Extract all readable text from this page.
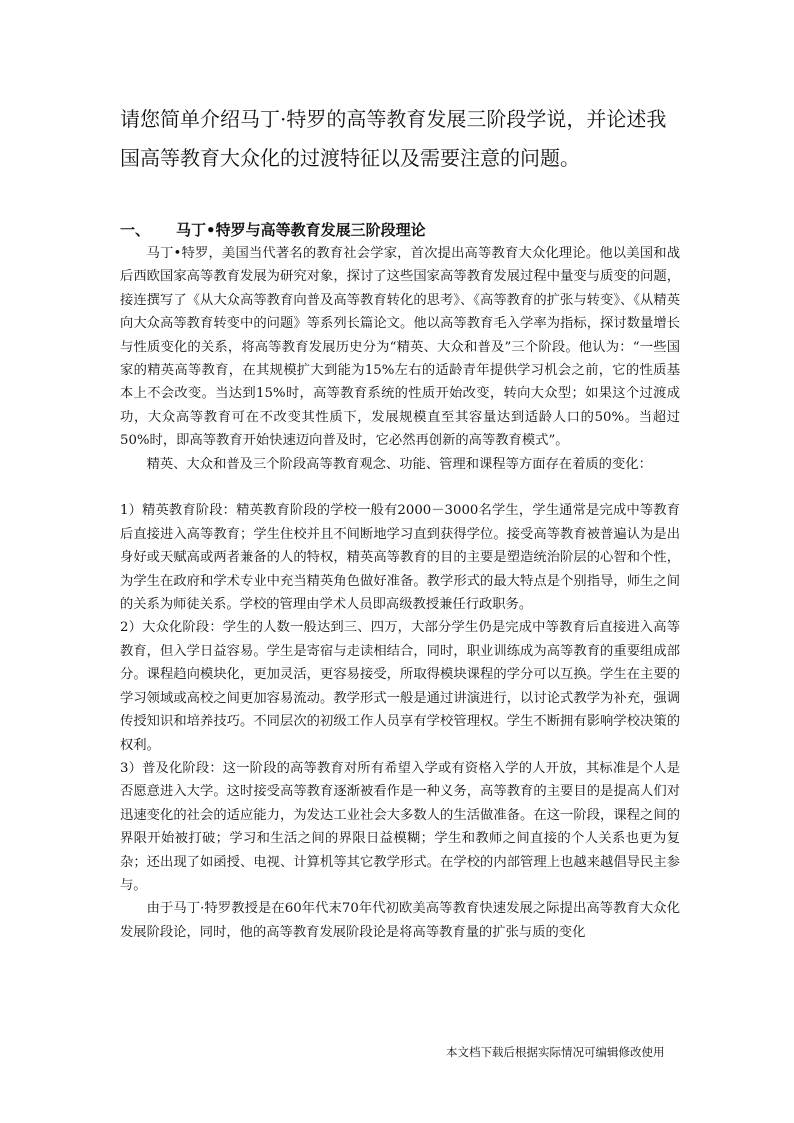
请您简单介绍马丁·特罗的高等教育发展三阶段学说，并论述我国高等教育大众化的过渡特征以及需要注意的问题。
一、 马丁•特罗与高等教育发展三阶段理论

马丁•特罗，美国当代著名的教育社会学家，首次提出高等教育大众化理论。他以美国和战后西欧国家高等教育发展为研究对象，探讨了这些国家高等教育发展过程中量变与质变的问题，接连撰写了《从大众高等教育向普及高等教育转化的思考》、《高等教育的扩张与转变》、《从精英向大众高等教育转变中的问题》等系列长篇论文。他以高等教育毛入学率为指标，探讨数量增长与性质变化的关系，将高等教育发展历史分为“精英、大众和普及”三个阶段。他认为：“一些国家的精英高等教育，在其规模扩大到能为15%左右的适龄青年提供学习机会之前，它的性质基本上不会改变。当达到15%时，高等教育系统的性质开始改变，转向大众型；如果这个过渡成功，大众高等教育可在不改变其性质下，发展规模直至其容量达到适龄人口的50%。当超过50%时，即高等教育开始快速迈向普及时，它必然再创新的高等教育模式”。

精英、大众和普及三个阶段高等教育观念、功能、管理和课程等方面存在着质的变化：

1）精英教育阶段：精英教育阶段的学校一般有2000－3000名学生，学生通常是完成中等教育后直接进入高等教育；学生住校并且不间断地学习直到获得学位。接受高等教育被普遍认为是出身好或天赋高或两者兼备的人的特权，精英高等教育的目的主要是塑造统治阶层的心智和个性，为学生在政府和学术专业中充当精英角色做好准备。教学形式的最大特点是个别指导，师生之间的关系为师徒关系。学校的管理由学术人员即高级教授兼任行政职务。

2）大众化阶段：学生的人数一般达到三、四万，大部分学生仍是完成中等教育后直接进入高等教育，但入学日益容易。学生是寄宿与走读相结合，同时，职业训练成为高等教育的重要组成部分。课程趋向模块化，更加灵活，更容易接受，所取得模块课程的学分可以互换。学生在主要的学习领域或高校之间更加容易流动。教学形式一般是通过讲演进行，以讨论式教学为补充，强调传授知识和培养技巧。不同层次的初级工作人员享有学校管理权。学生不断拥有影响学校决策的权利。

3）普及化阶段：这一阶段的高等教育对所有希望入学或有资格入学的人开放，其标准是个人是否愿意进入大学。这时接受高等教育逐渐被看作是一种义务，高等教育的主要目的是提高人们对迅速变化的社会的适应能力，为发达工业社会大多数人的生活做准备。在这一阶段，课程之间的界限开始被打破；学习和生活之间的界限日益模糊；学生和教师之间直接的个人关系也更为复杂；还出现了如函授、电视、计算机等其它教学形式。在学校的内部管理上也越来越倡导民主参与。

由于马丁·特罗教授是在60年代末70年代初欧美高等教育快速发展之际提出高等教育大众化发展阶段论，同时，他的高等教育发展阶段论是将高等教育量的扩张与质的变化

本文档下载后根据实际情况可编辑修改使用
